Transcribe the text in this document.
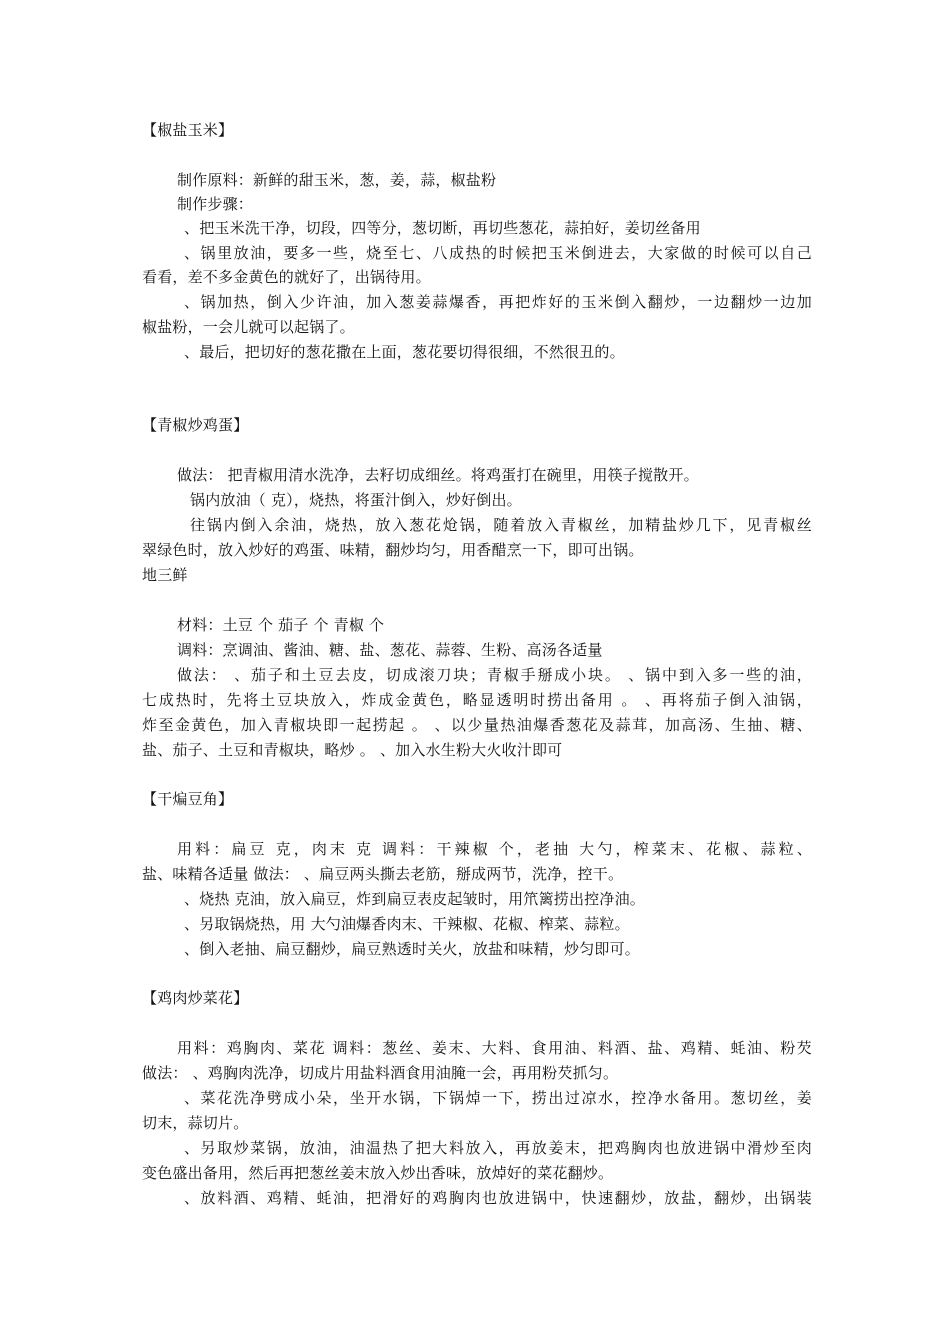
【椒盐玉米】
制作原料：新鲜的甜玉米，葱，姜，蒜，椒盐粉
制作步骤：
、把玉米洗干净，切段，四等分，葱切断，再切些葱花，蒜拍好，姜切丝备用
、锅里放油，要多一些，烧至七、八成热的时候把玉米倒进去，大家做的时候可以自己
看看，差不多金黄色的就好了，出锅待用。
、锅加热，倒入少许油，加入葱姜蒜爆香，再把炸好的玉米倒入翻炒，一边翻炒一边加
椒盐粉，一会儿就可以起锅了。
、最后，把切好的葱花撒在上面，葱花要切得很细，不然很丑的。
【青椒炒鸡蛋】
做法： 把青椒用清水洗净，去籽切成细丝。将鸡蛋打在碗里，用筷子搅散开。
锅内放油（ 克），烧热，将蛋汁倒入，炒好倒出。
往锅内倒入余油，烧热，放入葱花炝锅，随着放入青椒丝，加精盐炒几下，见青椒丝
翠绿色时，放入炒好的鸡蛋、味精，翻炒均匀，用香醋烹一下，即可出锅。
地三鲜
材料：土豆 个 茄子 个 青椒 个
调料：烹调油、酱油、糖、盐、葱花、蒜蓉、生粉、高汤各适量
做法： 、茄子和土豆去皮，切成滚刀块；青椒手掰成小块。 、锅中到入多一些的油，
七成热时，先将土豆块放入，炸成金黄色，略显透明时捞出备用 。 、再将茄子倒入油锅，
炸至金黄色，加入青椒块即一起捞起 。 、以少量热油爆香葱花及蒜茸，加高汤、生抽、糖、
盐、茄子、土豆和青椒块，略炒 。 、加入水生粉大火收汁即可
【干煸豆角】
用料：扁豆 克，肉末 克 调料：干辣椒 个，老抽 大勺，榨菜末、花椒、蒜粒、
盐、味精各适量 做法： 、扁豆两头撕去老筋，掰成两节，洗净，控干。
、烧热 克油，放入扁豆，炸到扁豆表皮起皱时，用笊篱捞出控净油。
、另取锅烧热，用 大勺油爆香肉末、干辣椒、花椒、榨菜、蒜粒。
、倒入老抽、扁豆翻炒，扁豆熟透时关火，放盐和味精，炒匀即可。
【鸡肉炒菜花】
用料：鸡胸肉、菜花 调料：葱丝、姜末、大料、食用油、料酒、盐、鸡精、蚝油、粉芡
做法： 、鸡胸肉洗净，切成片用盐料酒食用油腌一会，再用粉芡抓匀。
、菜花洗净劈成小朵，坐开水锅，下锅焯一下，捞出过凉水，控净水备用。葱切丝，姜
切末，蒜切片。
、另取炒菜锅，放油，油温热了把大料放入，再放姜末，把鸡胸肉也放进锅中滑炒至肉
变色盛出备用，然后再把葱丝姜末放入炒出香味，放焯好的菜花翻炒。
、放料酒、鸡精、蚝油，把滑好的鸡胸肉也放进锅中，快速翻炒，放盐，翻炒，出锅装
